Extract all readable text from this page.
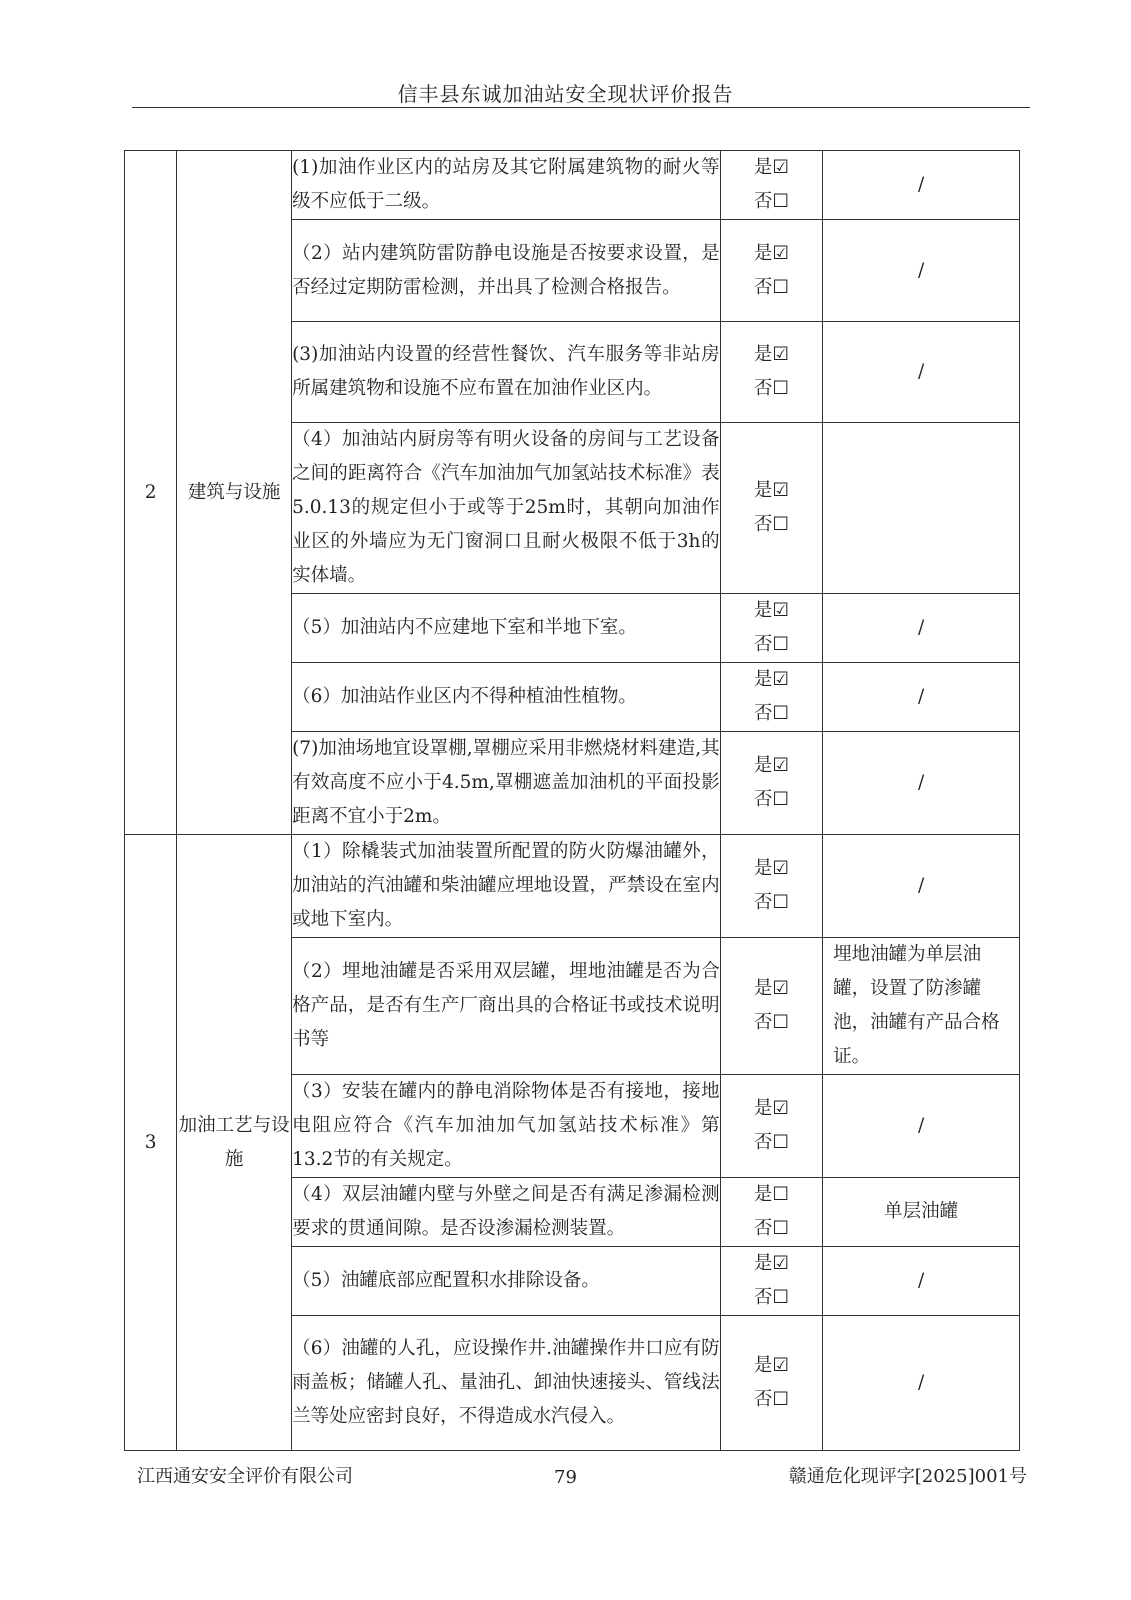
信丰县东诚加油站安全现状评价报告
2	建筑与设施	(1)加油作业区内的站房及其它附属建筑物的耐火等级不应低于二级。	是☑
否☐	/
		（2）站内建筑防雷防静电设施是否按要求设置，是否经过定期防雷检测，并出具了检测合格报告。	是☑
否☐	/
		(3)加油站内设置的经营性餐饮、汽车服务等非站房所属建筑物和设施不应布置在加油作业区内。	是☑
否☐	/
		（4）加油站内厨房等有明火设备的房间与工艺设备之间的距离符合《汽车加油加气加氢站技术标准》表5.0.13的规定但小于或等于25m时，其朝向加油作业区的外墙应为无门窗洞口且耐火极限不低于3h的实体墙。	是☑
否☐	

		（5）加油站内不应建地下室和半地下室。	是☑
否☐	/
		（6）加油站作业区内不得种植油性植物。	是☑
否☐	/
		(7)加油场地宜设罩棚,罩棚应采用非燃烧材料建造,其有效高度不应小于4.5m,罩棚遮盖加油机的平面投影距离不宜小于2m。	是☑
否☐	/
3	加油工艺与设施	（1）除橇装式加油装置所配置的防火防爆油罐外，加油站的汽油罐和柴油罐应埋地设置，严禁设在室内或地下室内。	是☑
否☐	/
		（2）埋地油罐是否采用双层罐，埋地油罐是否为合格产品，是否有生产厂商出具的合格证书或技术说明书等	是☑
否☐	埋地油罐为单层油罐，设置了防渗罐池，油罐有产品合格证。
		（3）安装在罐内的静电消除物体是否有接地，接地电阻应符合《汽车加油加气加氢站技术标准》第13.2节的有关规定。	是☑
否☐	/
		（4）双层油罐内壁与外壁之间是否有满足渗漏检测要求的贯通间隙。是否设渗漏检测装置。	是☐
否☐	单层油罐
		（5）油罐底部应配置积水排除设备。	是☑
否☐	/
		（6）油罐的人孔，应设操作井.油罐操作井口应有防雨盖板；储罐人孔、量油孔、卸油快速接头、管线法兰等处应密封良好，不得造成水汽侵入。	是☑
否☐	/
江西通安安全评价有限公司	79	赣通危化现评字[2025]001号
